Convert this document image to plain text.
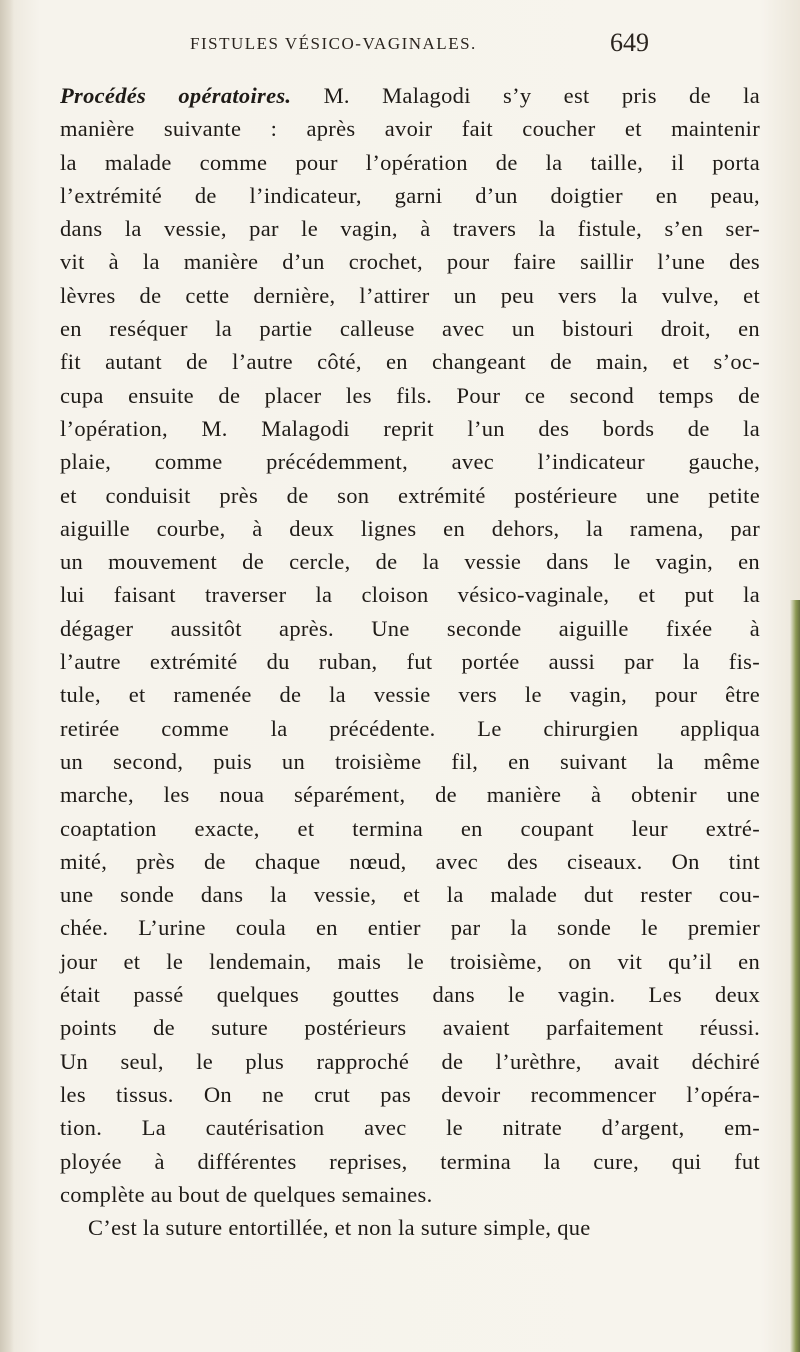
FISTULES VÉSICO-VAGINALES.	649
Procédés opératoires. M. Malagodi s’y est pris de la
manière suivante : après avoir fait coucher et maintenir
la malade comme pour l’opération de la taille, il porta
l’extrémité de l’indicateur, garni d’un doigtier en peau,
dans la vessie, par le vagin, à travers la fistule, s’en ser-
vit à la manière d’un crochet, pour faire saillir l’une des
lèvres de cette dernière, l’attirer un peu vers la vulve, et
en reséquer la partie calleuse avec un bistouri droit, en
fit autant de l’autre côté, en changeant de main, et s’oc-
cupa ensuite de placer les fils. Pour ce second temps de
l’opération, M. Malagodi reprit l’un des bords de la
plaie, comme précédemment, avec l’indicateur gauche,
et conduisit près de son extrémité postérieure une petite
aiguille courbe, à deux lignes en dehors, la ramena, par
un mouvement de cercle, de la vessie dans le vagin, en
lui faisant traverser la cloison vésico-vaginale, et put la
dégager aussitôt après. Une seconde aiguille fixée à
l’autre extrémité du ruban, fut portée aussi par la fis-
tule, et ramenée de la vessie vers le vagin, pour être
retirée comme la précédente. Le chirurgien appliqua
un second, puis un troisième fil, en suivant la même
marche, les noua séparément, de manière à obtenir une
coaptation exacte, et termina en coupant leur extré-
mité, près de chaque nœud, avec des ciseaux. On tint
une sonde dans la vessie, et la malade dut rester cou-
chée. L’urine coula en entier par la sonde le premier
jour et le lendemain, mais le troisième, on vit qu’il en
était passé quelques gouttes dans le vagin. Les deux
points de suture postérieurs avaient parfaitement réussi.
Un seul, le plus rapproché de l’urèthre, avait déchiré
les tissus. On ne crut pas devoir recommencer l’opéra-
tion. La cautérisation avec le nitrate d’argent, em-
ployée à différentes reprises, termina la cure, qui fut
complète au bout de quelques semaines.
C’est la suture entortillée, et non la suture simple, que
